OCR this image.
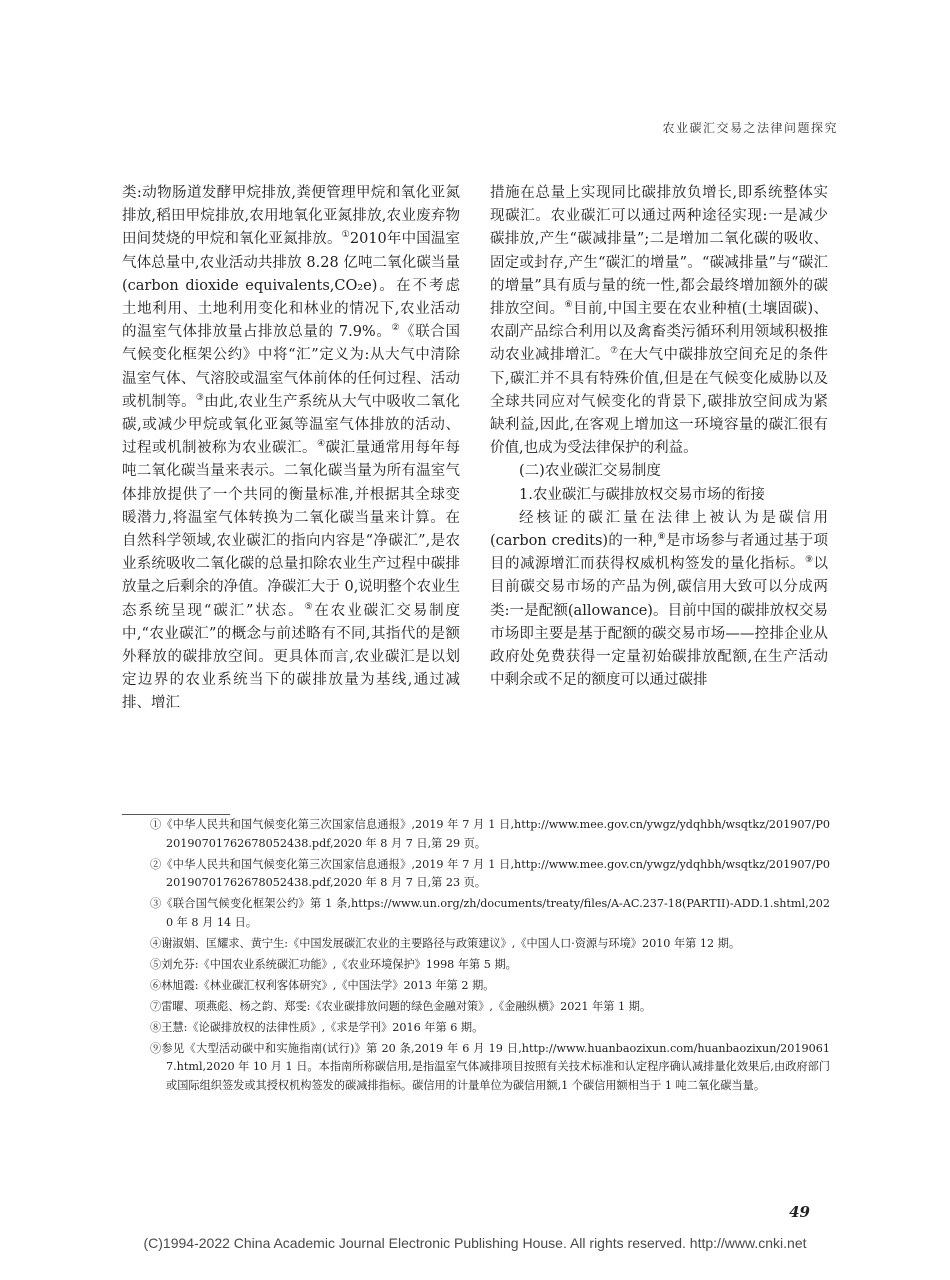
农业碳汇交易之法律问题探究

类:动物肠道发酵甲烷排放,粪便管理甲烷和氧化亚氮排放,稻田甲烷排放,农用地氧化亚氮排放,农业废弃物田间焚烧的甲烷和氧化亚氮排放。①2010年中国温室气体总量中,农业活动共排放 8.28 亿吨二氧化碳当量(carbon dioxide equivalents,CO₂e)。在不考虑土地利用、土地利用变化和林业的情况下,农业活动的温室气体排放量占排放总量的 7.9%。②《联合国气候变化框架公约》中将“汇”定义为:从大气中清除温室气体、气溶胶或温室气体前体的任何过程、活动或机制等。③由此,农业生产系统从大气中吸收二氧化碳,或减少甲烷或氧化亚氮等温室气体排放的活动、过程或机制被称为农业碳汇。④碳汇量通常用每年每吨二氧化碳当量来表示。二氧化碳当量为所有温室气体排放提供了一个共同的衡量标准,并根据其全球变暖潜力,将温室气体转换为二氧化碳当量来计算。在自然科学领域,农业碳汇的指向内容是“净碳汇”,是农业系统吸收二氧化碳的总量扣除农业生产过程中碳排放量之后剩余的净值。净碳汇大于 0,说明整个农业生态系统呈现“碳汇”状态。⑤在农业碳汇交易制度中,“农业碳汇”的概念与前述略有不同,其指代的是额外释放的碳排放空间。更具体而言,农业碳汇是以划定边界的农业系统当下的碳排放量为基线,通过减排、增汇

措施在总量上实现同比碳排放负增长,即系统整体实现碳汇。农业碳汇可以通过两种途径实现:一是减少碳排放,产生“碳减排量”;二是增加二氧化碳的吸收、固定或封存,产生“碳汇的增量”。“碳减排量”与“碳汇的增量”具有质与量的统一性,都会最终增加额外的碳排放空间。⑥目前,中国主要在农业种植(土壤固碳)、农副产品综合利用以及禽畜类污循环利用领域积极推动农业减排增汇。⑦在大气中碳排放空间充足的条件下,碳汇并不具有特殊价值,但是在气候变化威胁以及全球共同应对气候变化的背景下,碳排放空间成为紧缺利益,因此,在客观上增加这一环境容量的碳汇很有价值,也成为受法律保护的利益。

(二)农业碳汇交易制度

1.农业碳汇与碳排放权交易市场的衔接

经核证的碳汇量在法律上被认为是碳信用(carbon credits)的一种,⑧是市场参与者通过基于项目的减源增汇而获得权威机构签发的量化指标。⑨以目前碳交易市场的产品为例,碳信用大致可以分成两类:一是配额(allowance)。目前中国的碳排放权交易市场即主要是基于配额的碳交易市场——控排企业从政府处免费获得一定量初始碳排放配额,在生产活动中剩余或不足的额度可以通过碳排

①《中华人民共和国气候变化第三次国家信息通报》,2019 年 7 月 1 日,http://www.mee.gov.cn/ywgz/ydqhbh/wsqtkz/201907/P020190701762678052438.pdf,2020 年 8 月 7 日,第 29 页。

②《中华人民共和国气候变化第三次国家信息通报》,2019 年 7 月 1 日,http://www.mee.gov.cn/ywgz/ydqhbh/wsqtkz/201907/P020190701762678052438.pdf,2020 年 8 月 7 日,第 23 页。

③《联合国气候变化框架公约》第 1 条,https://www.un.org/zh/documents/treaty/files/A-AC.237-18(PARTII)-ADD.1.shtml,2020 年 8 月 14 日。

④谢淑娟、匡耀求、黄宁生:《中国发展碳汇农业的主要路径与政策建议》,《中国人口·资源与环境》2010 年第 12 期。

⑤刘允芬:《中国农业系统碳汇功能》,《农业环境保护》1998 年第 5 期。

⑥林旭霞:《林业碳汇权利客体研究》,《中国法学》2013 年第 2 期。

⑦雷曜、项燕彪、杨之韵、郑雯:《农业碳排放问题的绿色金融对策》,《金融纵横》2021 年第 1 期。

⑧王慧:《论碳排放权的法律性质》,《求是学刊》2016 年第 6 期。

⑨参见《大型活动碳中和实施指南(试行)》第 20 条,2019 年 6 月 19 日,http://www.huanbaozixun.com/huanbaozixun/20190617.html,2020 年 10 月 1 日。本指南所称碳信用,是指温室气体减排项目按照有关技术标准和认定程序确认减排量化效果后,由政府部门或国际组织签发或其授权机构签发的碳减排指标。碳信用的计量单位为碳信用额,1 个碳信用额相当于 1 吨二氧化碳当量。

49
(C)1994-2022 China Academic Journal Electronic Publishing House. All rights reserved. http://www.cnki.net
